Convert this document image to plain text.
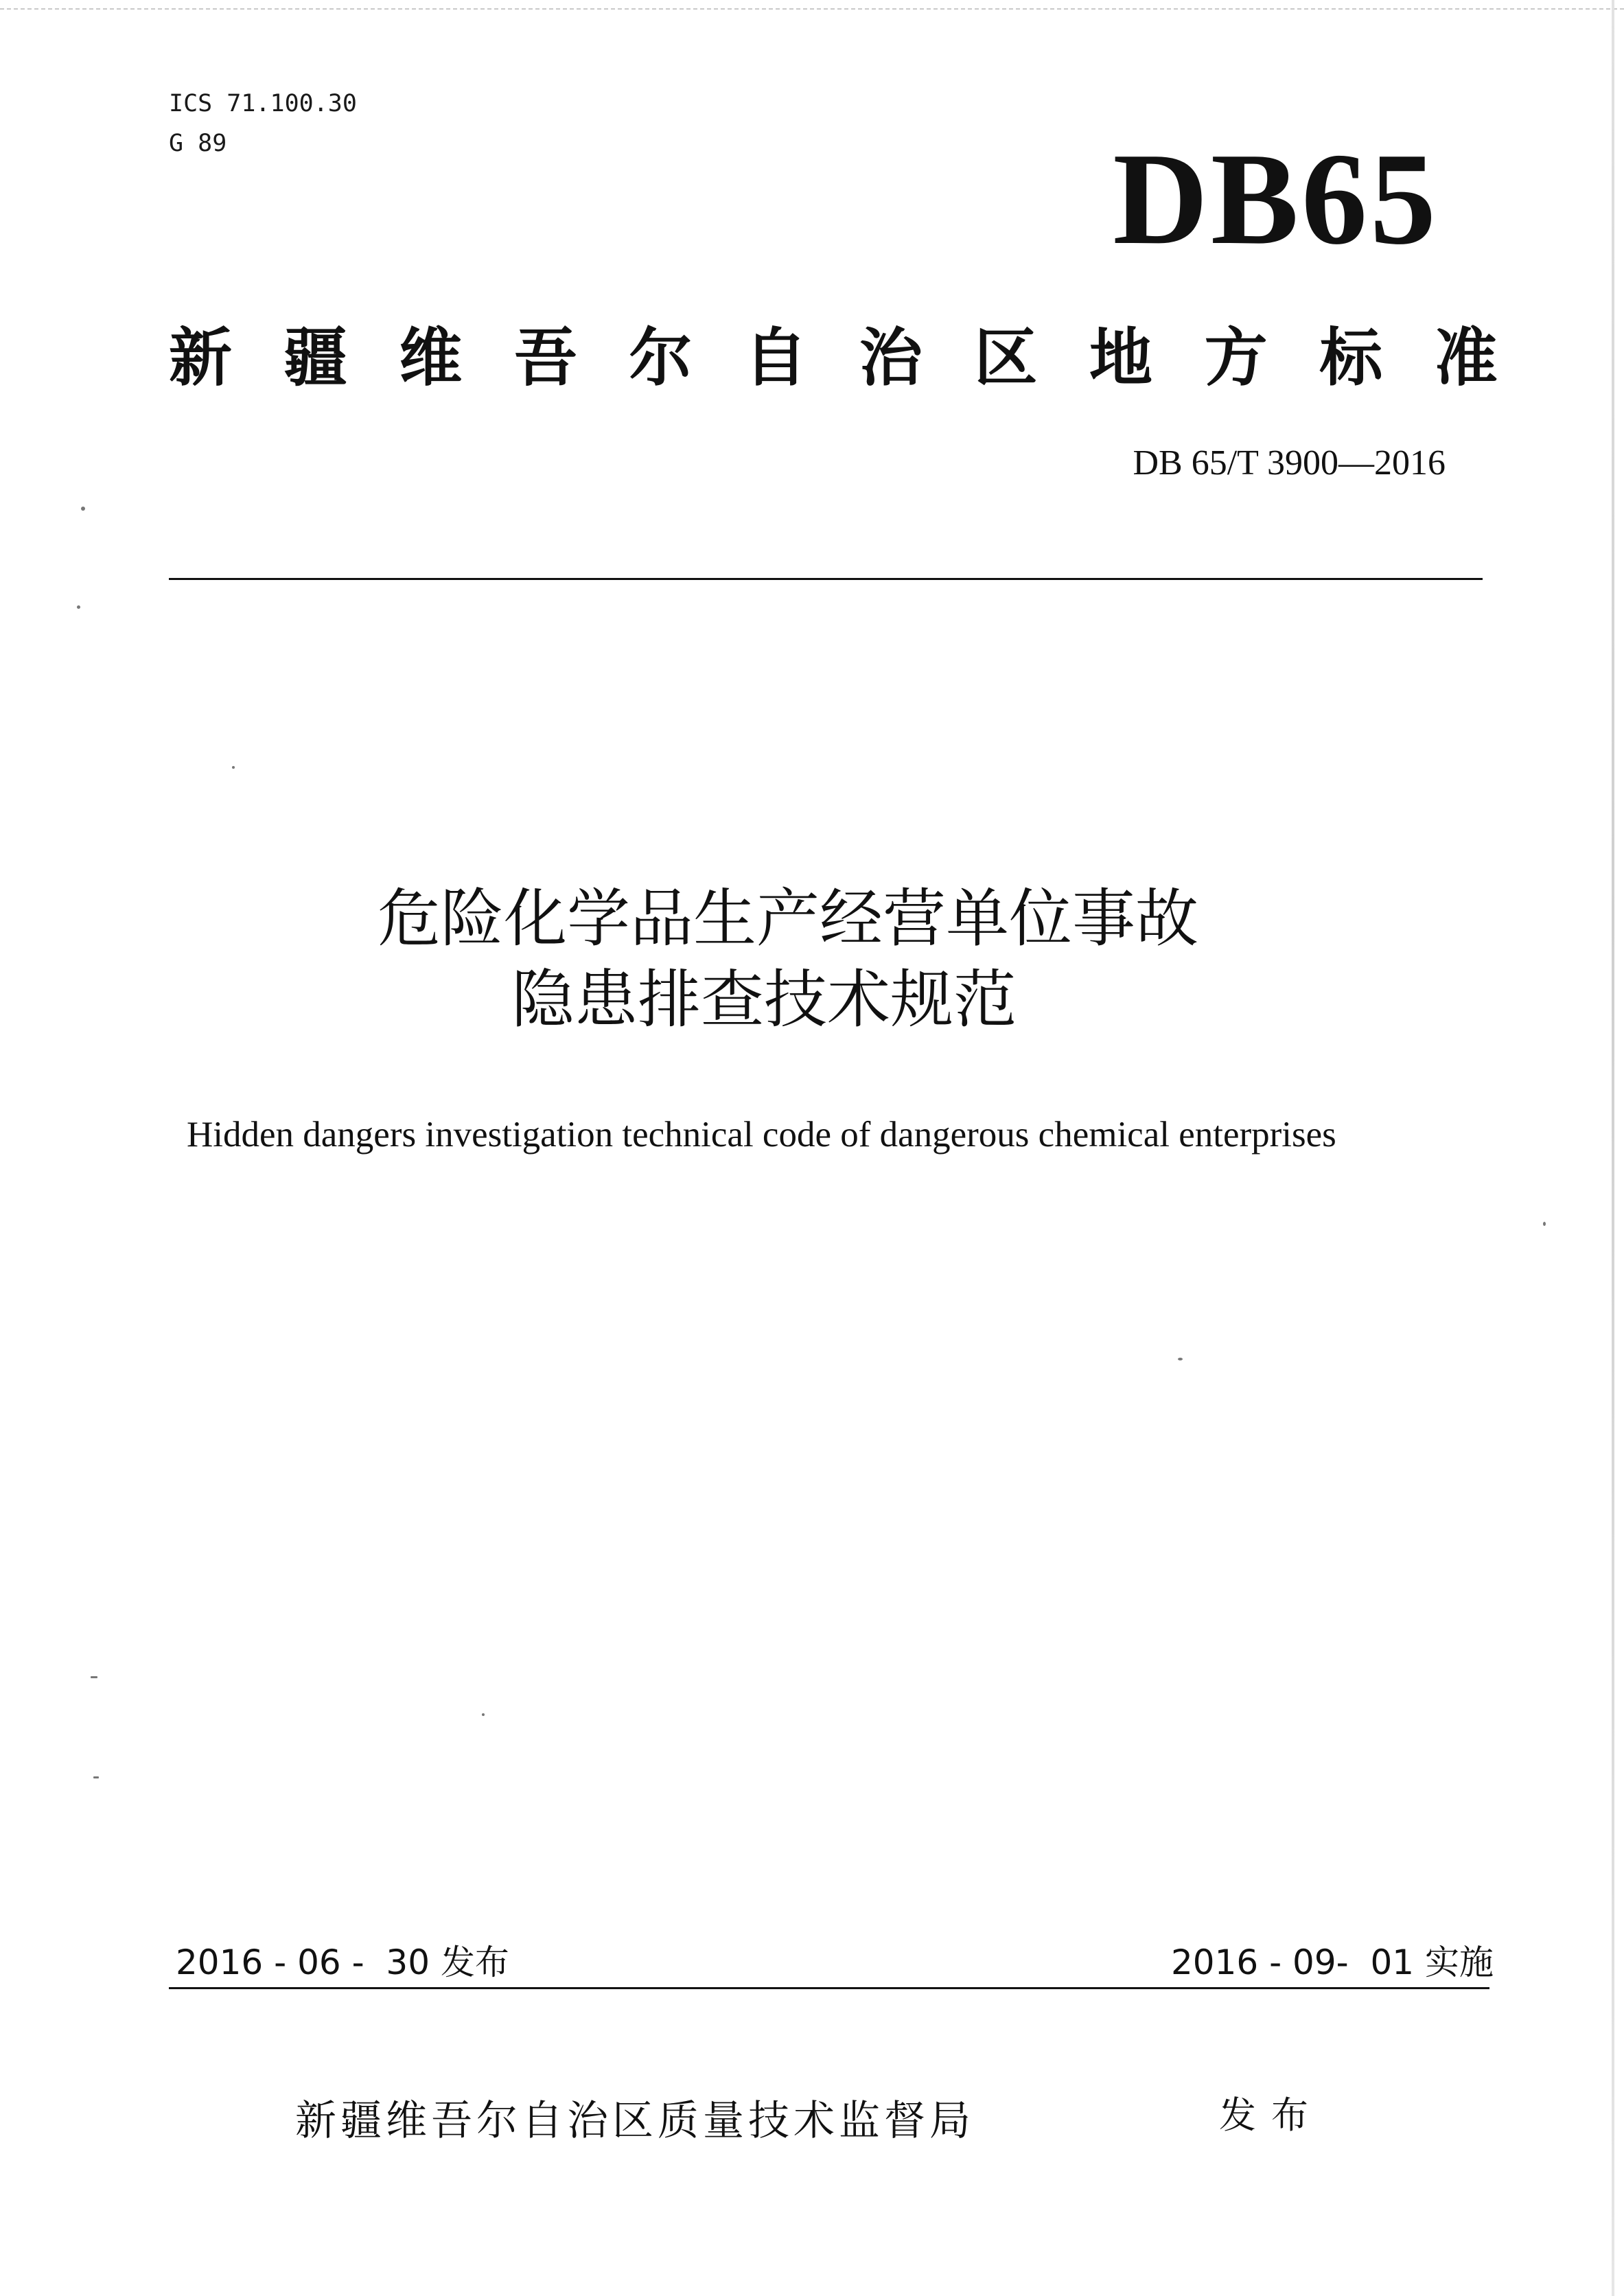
ICS 71.100.30
G 89	DB65
新 疆 维 吾 尔 自 治 区 地 方 标 准
DB 65/T 3900—2016
危险化学品生产经营单位事故
隐患排查技术规范
Hidden dangers investigation technical code of dangerous chemical enterprises
2016 - 06 -  30 发布	2016 - 09-  01 实施
新疆维吾尔自治区质量技术监督局	发布
